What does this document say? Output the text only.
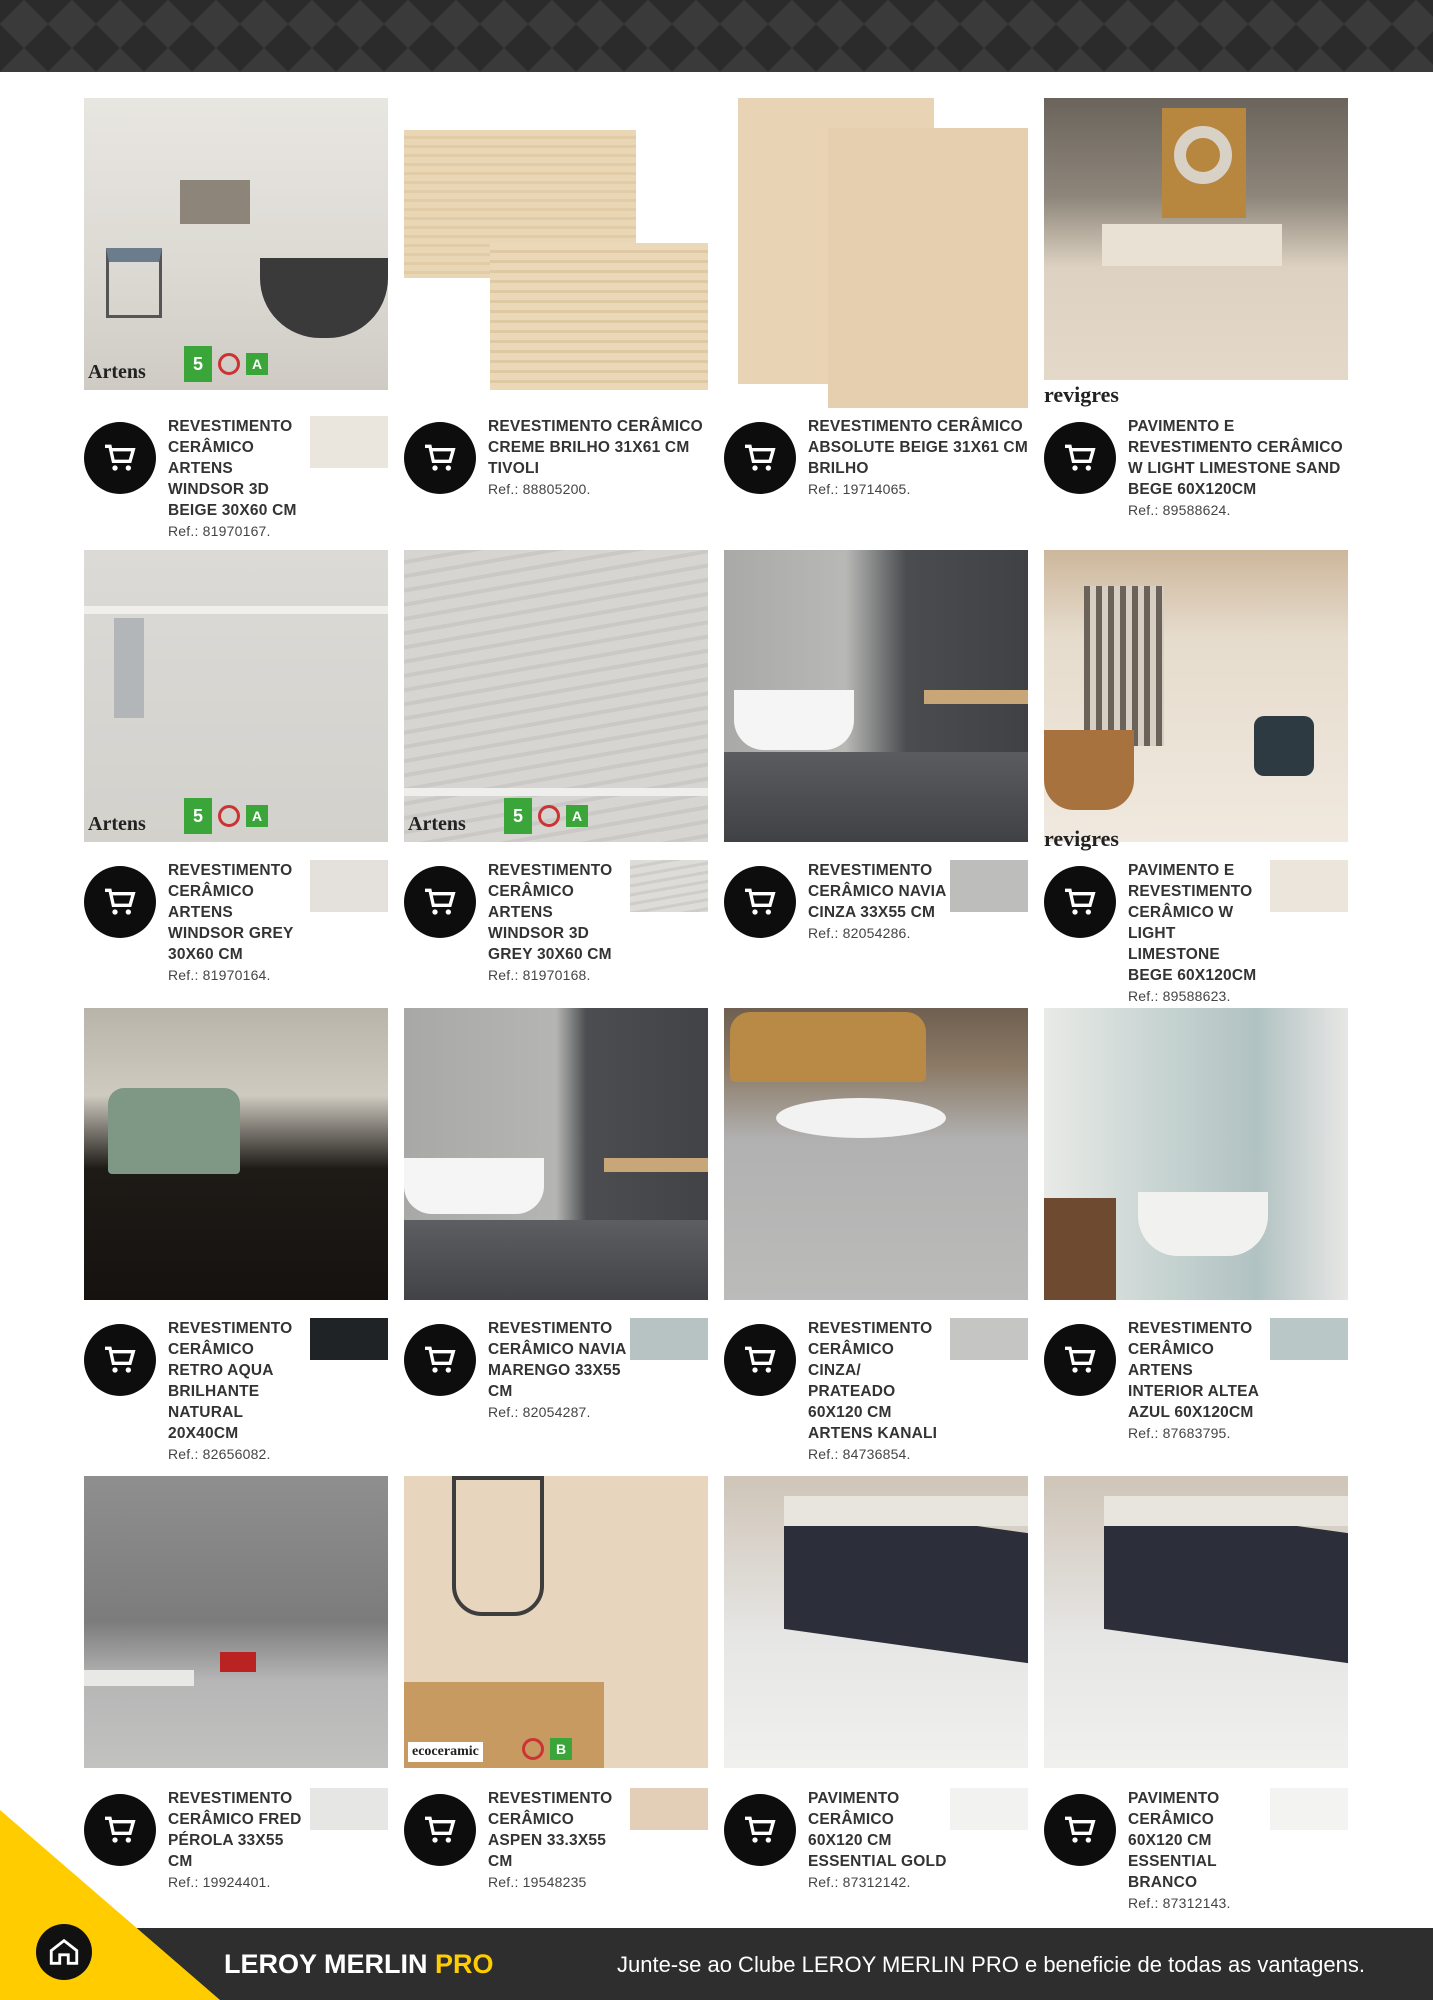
Artens	5	A
REVESTIMENTO CERÂMICO ARTENS WINDSOR 3D BEIGE 30X60 CM
Ref.: 81970167.
REVESTIMENTO CERÂMICO CREME BRILHO 31X61 CM TIVOLI
Ref.: 88805200.
REVESTIMENTO CERÂMICO ABSOLUTE BEIGE 31X61 CM BRILHO
Ref.: 19714065.
revigres
PAVIMENTO E REVESTIMENTO CERÂMICO W LIGHT LIMESTONE SAND BEGE 60X120CM
Ref.: 89588624.
Artens	5	A
REVESTIMENTO CERÂMICO ARTENS WINDSOR GREY 30X60 CM
Ref.: 81970164.
Artens	5	A
REVESTIMENTO CERÂMICO ARTENS WINDSOR 3D GREY 30X60 CM
Ref.: 81970168.
REVESTIMENTO CERÂMICO NAVIA CINZA 33X55 CM
Ref.: 82054286.
revigres
PAVIMENTO E REVESTIMENTO CERÂMICO W LIGHT LIMESTONE BEGE 60X120CM
Ref.: 89588623.
REVESTIMENTO CERÂMICO RETRO AQUA BRILHANTE NATURAL 20X40CM
Ref.: 82656082.
REVESTIMENTO CERÂMICO NAVIA MARENGO 33X55 CM
Ref.: 82054287.
REVESTIMENTO CERÂMICO CINZA/ PRATEADO 60X120 CM ARTENS KANALI
Ref.: 84736854.
REVESTIMENTO CERÂMICO ARTENS INTERIOR ALTEA AZUL 60X120CM
Ref.: 87683795.
REVESTIMENTO CERÂMICO FRED PÉROLA 33X55 CM
Ref.: 19924401.
ecoceramic	B
REVESTIMENTO CERÂMICO ASPEN 33.3X55 CM
Ref.: 19548235
PAVIMENTO CERÂMICO 60X120 CM ESSENTIAL GOLD
Ref.: 87312142.
PAVIMENTO CERÂMICO 60X120 CM ESSENTIAL BRANCO
Ref.: 87312143.
LEROY MERLIN PRO	Junte-se ao Clube LEROY MERLIN PRO e beneficie de todas as vantagens.
